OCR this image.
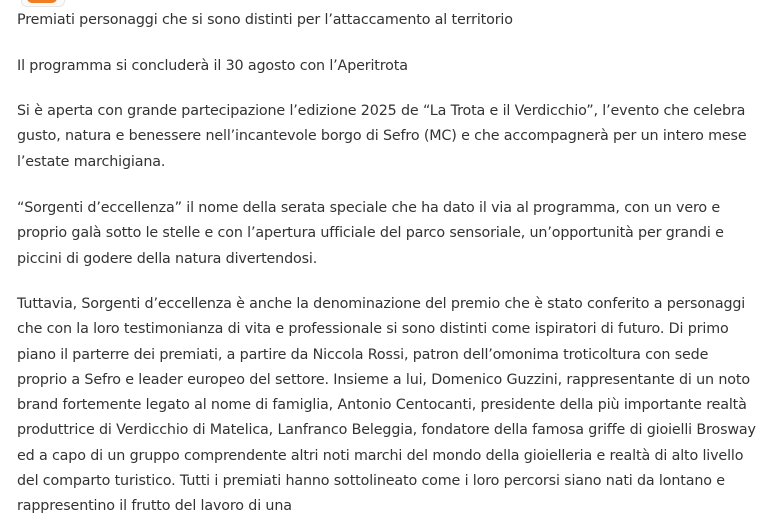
Premiati personaggi che si sono distinti per l’attaccamento al territorio

Il programma si concluderà il 30 agosto con l’Aperitrota

Si è aperta con grande partecipazione l’edizione 2025 de “La Trota e il Verdicchio”, l’evento che celebra gusto, natura e benessere nell’incantevole borgo di Sefro (MC) e che accompagnerà per un intero mese l’estate marchigiana.

“Sorgenti d’eccellenza” il nome della serata speciale che ha dato il via al programma, con un vero e proprio galà sotto le stelle e con l’apertura ufficiale del parco sensoriale, un’opportunità per grandi e piccini di godere della natura divertendosi.

Tuttavia, Sorgenti d’eccellenza è anche la denominazione del premio che è stato conferito a personaggi che con la loro testimonianza di vita e professionale si sono distinti come ispiratori di futuro. Di primo piano il parterre dei premiati, a partire da Niccola Rossi, patron dell’omonima troticoltura con sede proprio a Sefro e leader europeo del settore. Insieme a lui, Domenico Guzzini, rappresentante di un noto brand fortemente legato al nome di famiglia, Antonio Centocanti, presidente della più importante realtà produttrice di Verdicchio di Matelica, Lanfranco Beleggia, fondatore della famosa griffe di gioielli Brosway ed a capo di un gruppo comprendente altri noti marchi del mondo della gioielleria e realtà di alto livello del comparto turistico. Tutti i premiati hanno sottolineato come i loro percorsi siano nati da lontano e rappresentino il frutto del lavoro di una
